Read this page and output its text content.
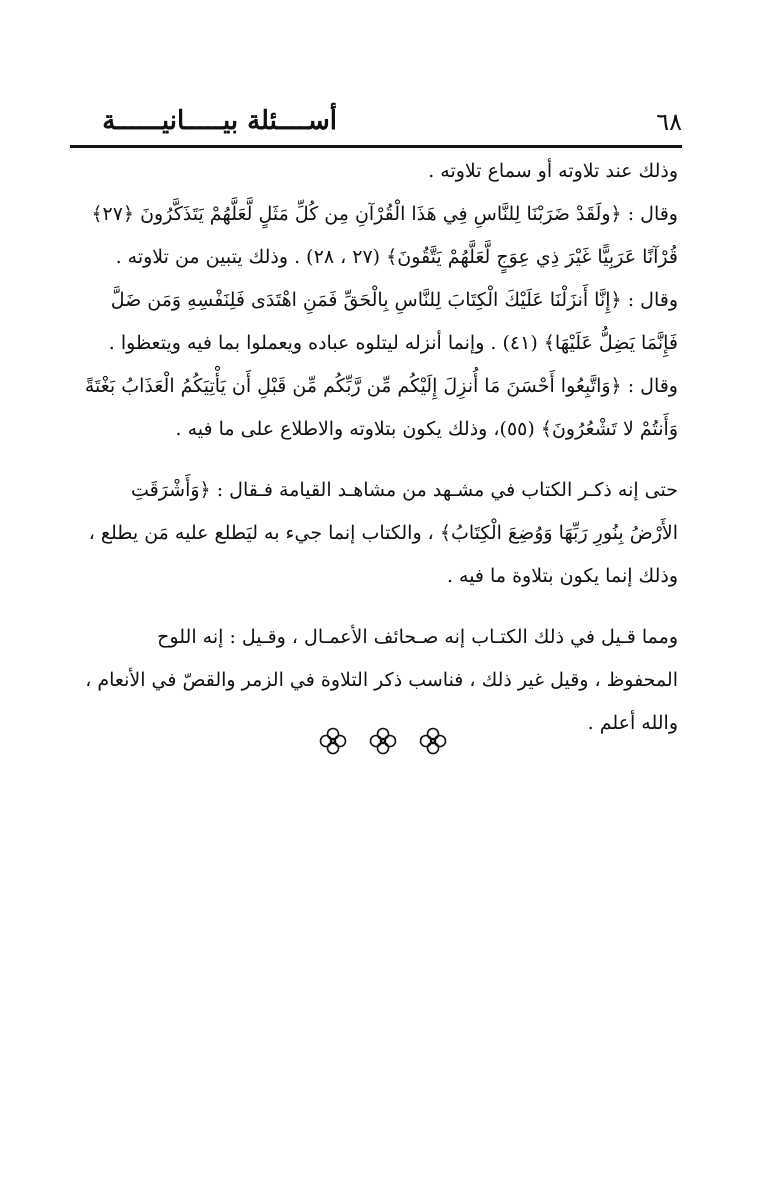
أســــئلة بيـــــانيــــــة	٦٨
وذلك عند تلاوته أو سماع تلاوته .
وقال : ﴿ولَقَدْ ضَرَبْنَا لِلنَّاسِ فِي هَذَا الْقُرْآنِ مِن كُلِّ مَثَلٍ لَّعَلَّهُمْ يَتَذَكَّرُونَ ﴿٢٧﴾
قُرْآنًا عَرَبِيًّا غَيْرَ ذِي عِوَجٍ لَّعَلَّهُمْ يَتَّقُونَ﴾ (٢٧ ، ٢٨) . وذلك يتبين من تلاوته .
وقال : ﴿إِنَّا أَنزَلْنَا عَلَيْكَ الْكِتَابَ لِلنَّاسِ بِالْحَقِّ فَمَنِ اهْتَدَى فَلِنَفْسِهِ وَمَن ضَلَّ
فَإِنَّمَا يَضِلُّ عَلَيْهَا﴾ (٤١) . وإنما أنزله ليتلوه عباده ويعملوا بما فيه ويتعظوا .
وقال : ﴿وَاتَّبِعُوا أَحْسَنَ مَا أُنزِلَ إِلَيْكُم مِّن رَّبِّكُم مِّن قَبْلِ أَن يَأْتِيَكُمُ الْعَذَابُ بَغْتَةً
وَأَنتُمْ لا تَشْعُرُونَ﴾ (٥٥)، وذلك يكون بتلاوته والاطلاع على ما فيه .
حتى إنه ذكـر الكتاب في مشـهد من مشاهـد القيامة فـقال : ﴿وَأَشْرَقَتِ
الأَرْضُ بِنُورِ رَبِّهَا وَوُضِعَ الْكِتَابُ﴾ ، والكتاب إنما جيء به ليَطلع عليه مَن يطلع ،
وذلك إنما يكون بتلاوة ما فيه .
ومما قـيل في ذلك الكتـاب إنه صـحائف الأعمـال ، وقـيل : إنه اللوح
المحفوظ ، وقيل غير ذلك ، فناسب ذكر التلاوة في الزمر والقصّ في الأنعام ،
والله أعلم .
